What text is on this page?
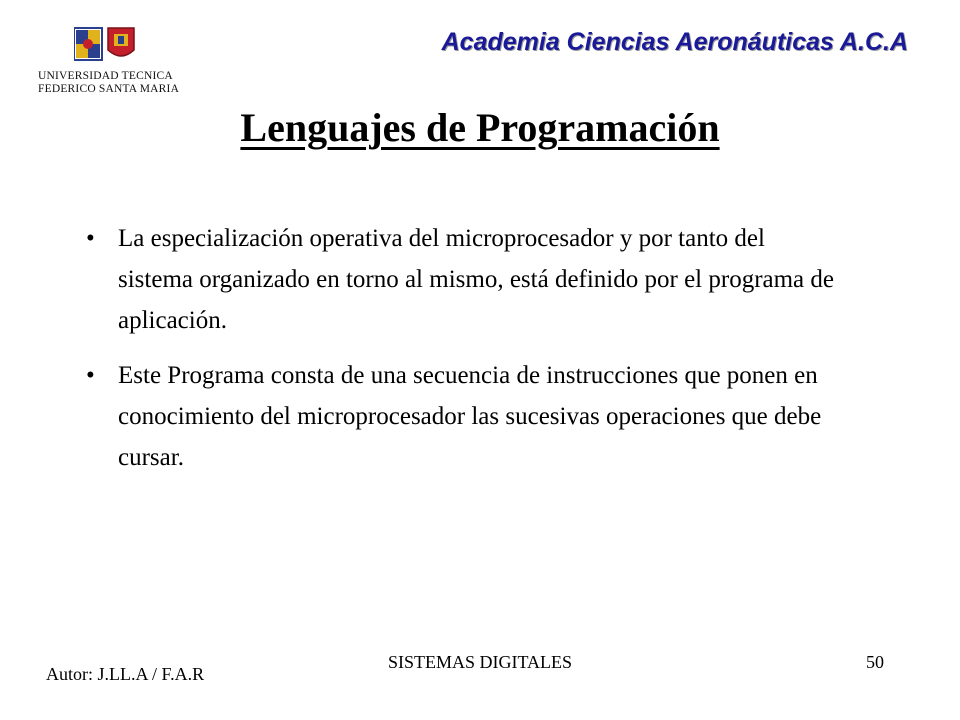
UNIVERSIDAD TECNICA
FEDERICO SANTA MARIA
Academia Ciencias Aeronáuticas A.C.A
Lenguajes de Programación
• La especialización operativa del microprocesador y por tanto del sistema organizado en torno al mismo, está definido por el programa de aplicación.
• Este Programa consta de una secuencia de instrucciones que ponen en conocimiento del microprocesador las sucesivas operaciones que debe cursar.
Autor: J.LL.A / F.A.R
SISTEMAS DIGITALES	50
